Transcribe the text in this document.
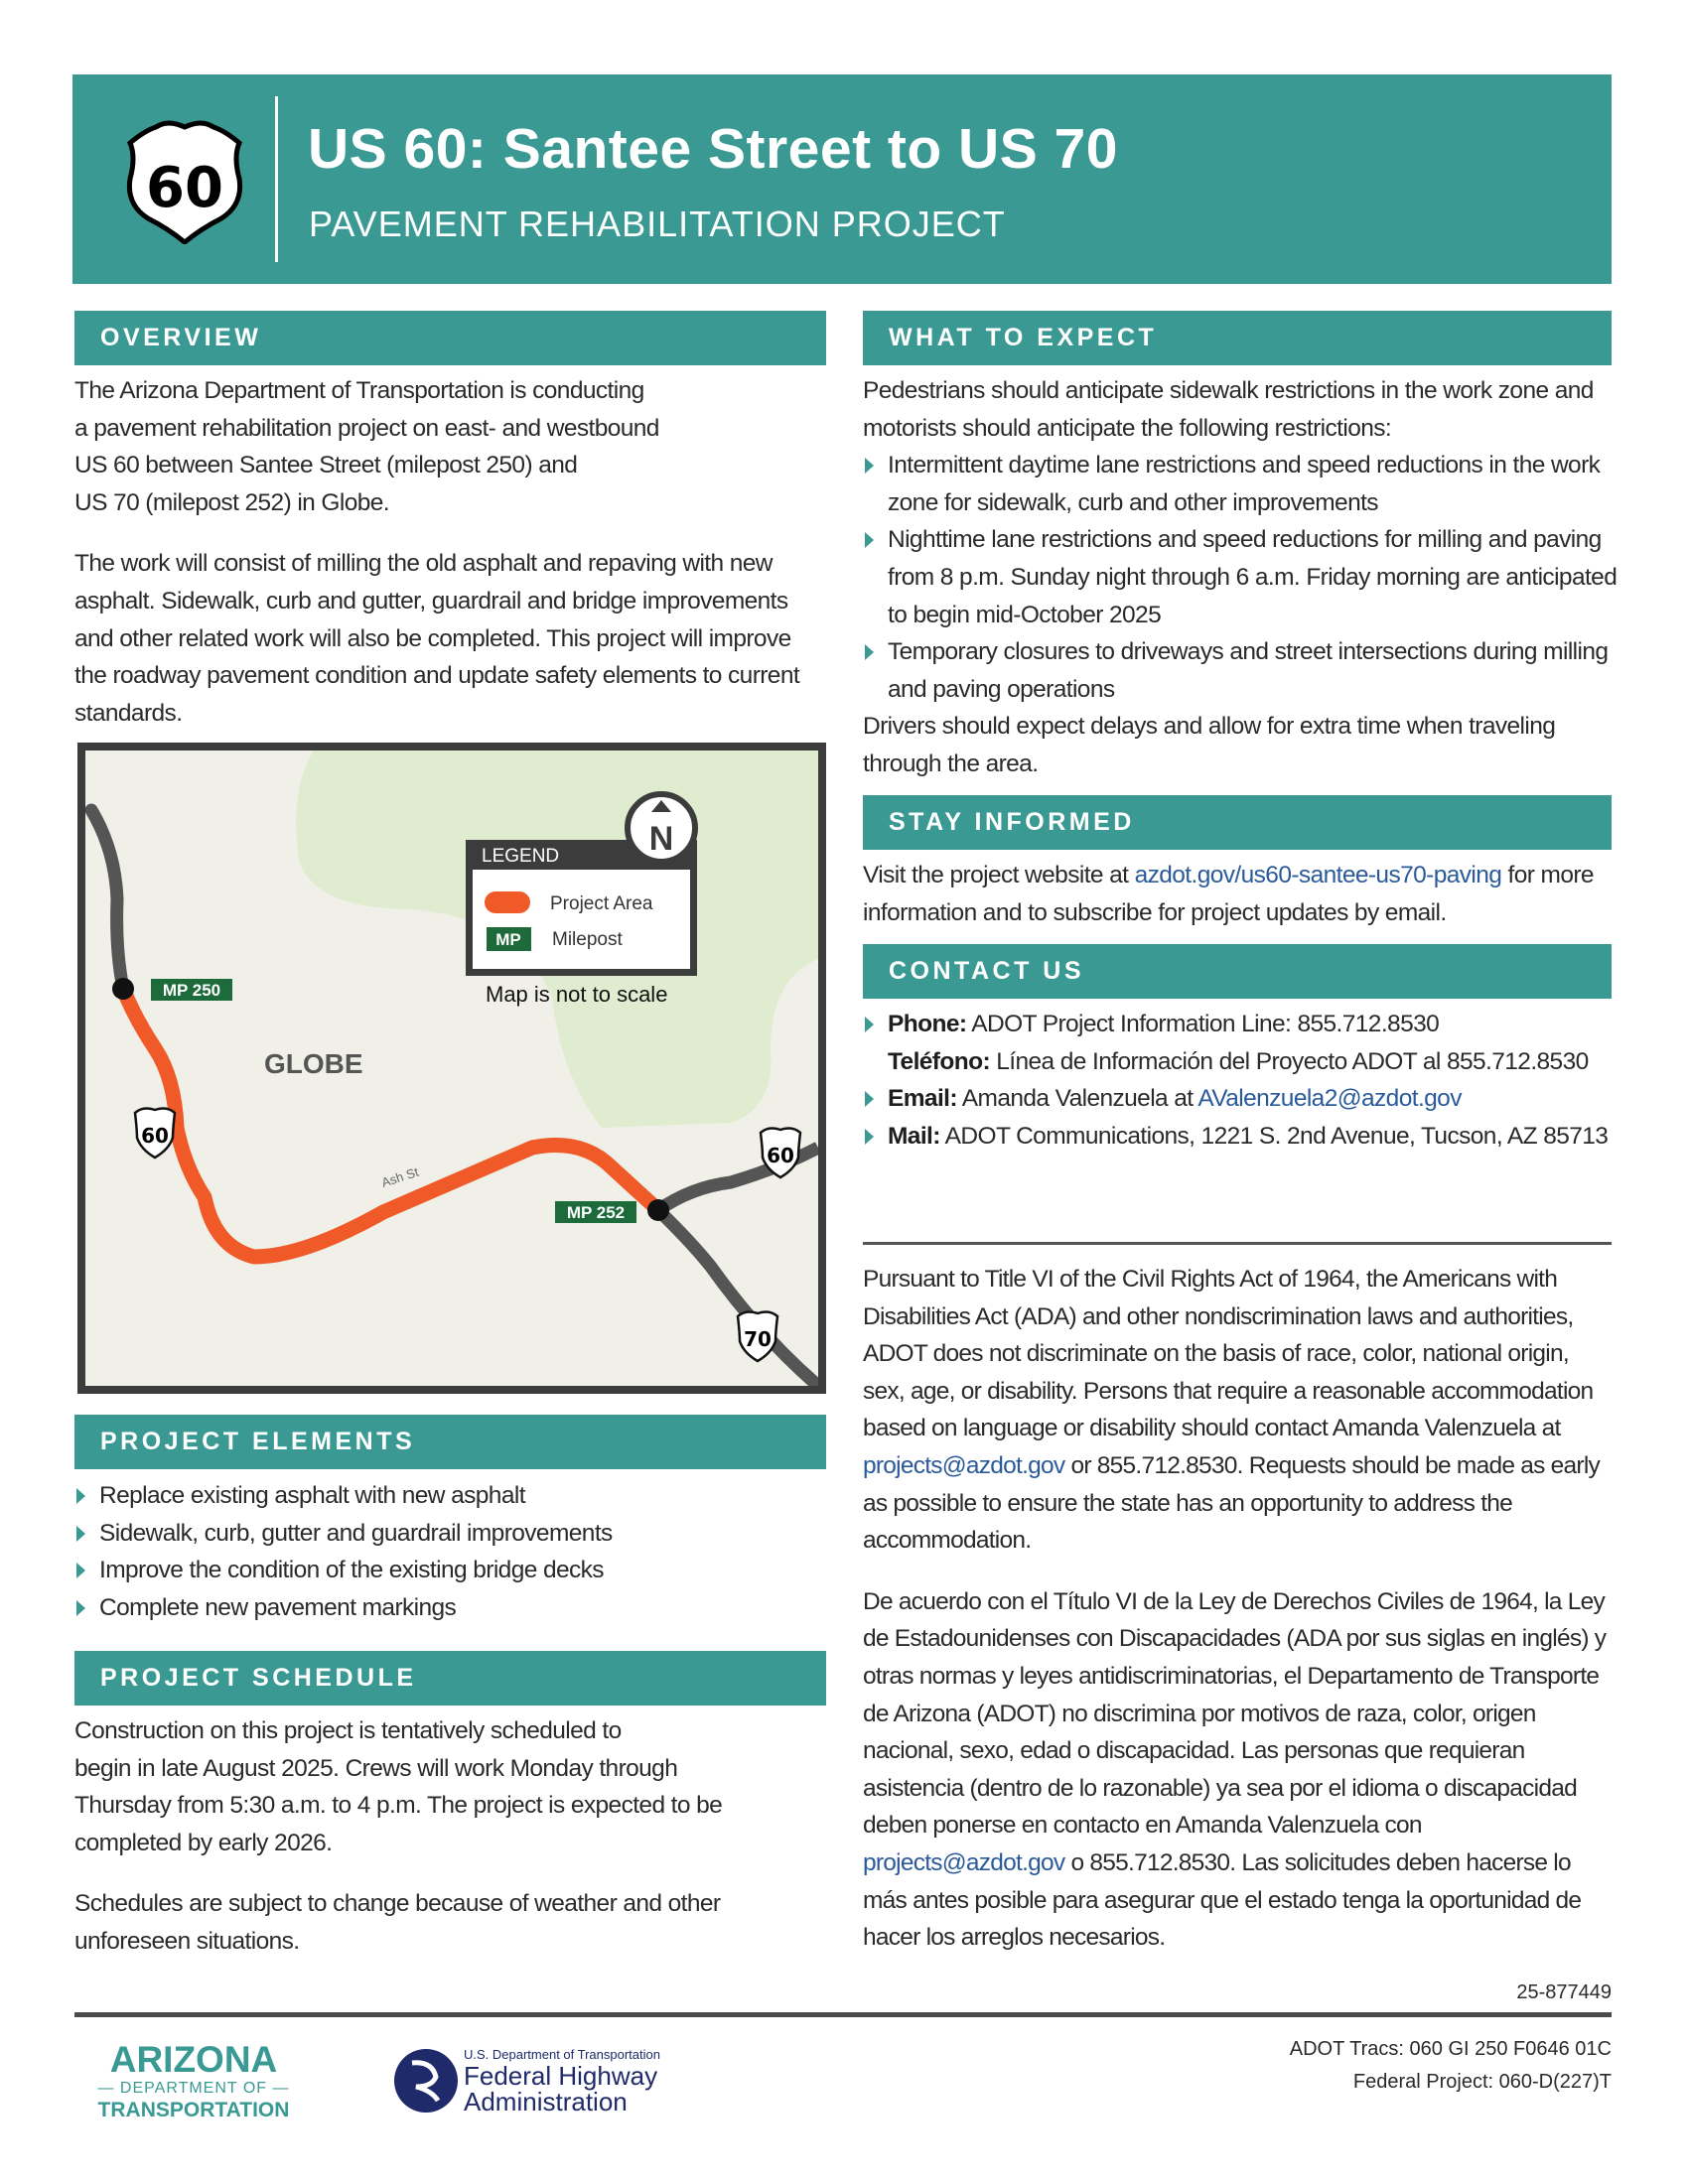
60
US 60: Santee Street to US 70
PAVEMENT REHABILITATION PROJECT
OVERVIEW

The Arizona Department of Transportation is conducting

a pavement rehabilitation project on east- and westbound

US 60 between Santee Street (milepost 250) and

US 70 (milepost 252) in Globe.

The work will consist of milling the old asphalt and repaving with new asphalt. Sidewalk, curb and gutter, guardrail and bridge improvements and other related work will also be completed. This project will improve the roadway pavement condition and update safety elements to current standards.

MP 250
MP 252
GLOBE
Ash St
60
60
70
LEGEND
Project Area
MP Milepost
Map is not to scale
N
PROJECT ELEMENTS
Replace existing asphalt with new asphalt
Sidewalk, curb, gutter and guardrail improvements
Improve the condition of the existing bridge decks
Complete new pavement markings
PROJECT SCHEDULE

Construction on this project is tentatively scheduled to

begin in late August 2025. Crews will work Monday through

Thursday from 5:30 a.m. to 4 p.m. The project is expected to be

completed by early 2026.

Schedules are subject to change because of weather and other unforeseen situations.

WHAT TO EXPECT

Pedestrians should anticipate sidewalk restrictions in the work zone and motorists should anticipate the following restrictions:

Intermittent daytime lane restrictions and speed reductions in the work zone for sidewalk, curb and other improvements
Nighttime lane restrictions and speed reductions for milling and paving from 8 p.m. Sunday night through 6 a.m. Friday morning are anticipated to begin mid-October 2025
Temporary closures to driveways and street intersections during milling and paving operations

Drivers should expect delays and allow for extra time when traveling through the area.

STAY INFORMED
Visit the project website at azdot.gov/us60-santee-us70-paving for more information and to subscribe for project updates by email.
CONTACT US
Phone: ADOT Project Information Line: 855.712.8530
Teléfono: Línea de Información del Proyecto ADOT al 855.712.8530
Email: Amanda Valenzuela at AValenzuela2@azdot.gov
Mail: ADOT Communications, 1221 S. 2nd Avenue, Tucson, AZ 85713

Pursuant to Title VI of the Civil Rights Act of 1964, the Americans with Disabilities Act (ADA) and other nondiscrimination laws and authorities, ADOT does not discriminate on the basis of race, color, national origin, sex, age, or disability. Persons that require a reasonable accommodation based on language or disability should contact Amanda Valenzuela at projects@azdot.gov or 855.712.8530. Requests should be made as early as possible to ensure the state has an opportunity to address the accommodation.

De acuerdo con el Título VI de la Ley de Derechos Civiles de 1964, la Ley de Estadounidenses con Discapacidades (ADA por sus siglas en inglés) y otras normas y leyes antidiscriminatorias, el Departamento de Transporte de Arizona (ADOT) no discrimina por motivos de raza, color, origen nacional, sexo, edad o discapacidad. Las personas que requieran asistencia (dentro de lo razonable) ya sea por el idioma o discapacidad deben ponerse en contacto en Amanda Valenzuela con projects@azdot.gov o 855.712.8530. Las solicitudes deben hacerse lo más antes posible para asegurar que el estado tenga la oportunidad de hacer los arreglos necesarios.

25-877449
ARIZONA
— DEPARTMENT OF —
TRANSPORTATION
U.S. Department of Transportation
Federal Highway
Administration
ADOT Tracs: 060 GI 250 F0646 01C
Federal Project: 060-D(227)T
